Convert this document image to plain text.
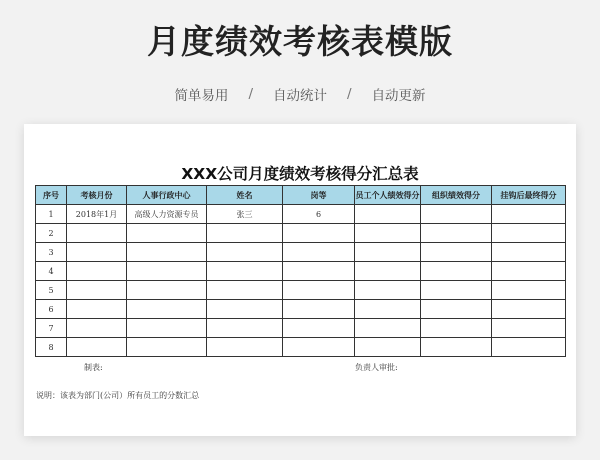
月度绩效考核表模版
简单易用 / 自动统计 / 自动更新
XXX公司月度绩效考核得分汇总表
序号	考核月份	人事行政中心	姓名	岗等	员工个人绩效得分	组织绩效得分	挂钩后最终得分
1	2018年1月	高级人力资源专员	张三	6			
2							
3							
4							
5							
6							
7							
8							
制表:	负责人审批:
说明：该表为部门(公司）所有员工的分数汇总
